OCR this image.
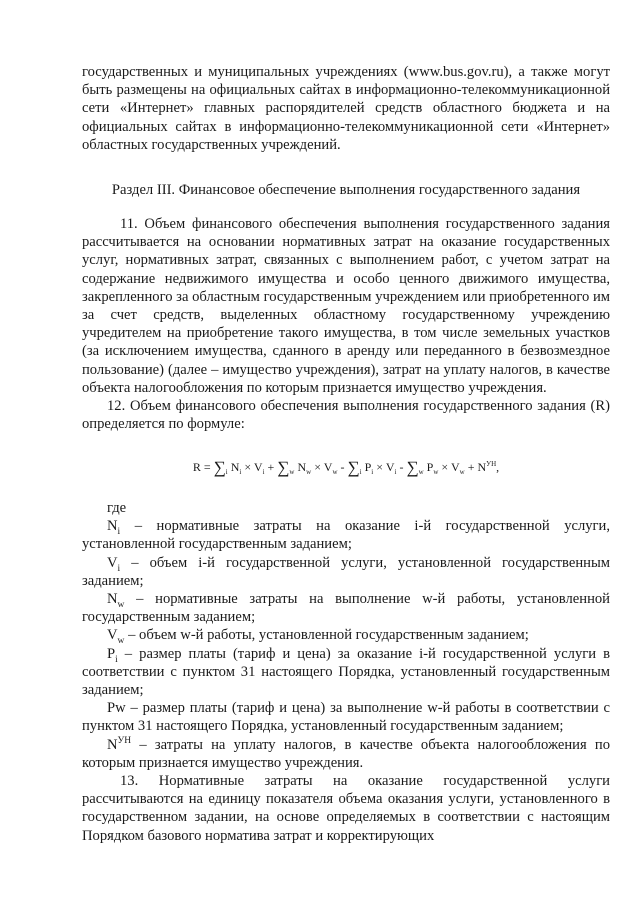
государственных и муниципальных учреждениях (www.bus.gov.ru), а также могут быть размещены на официальных сайтах в информационно-телекоммуникационной сети «Интернет» главных распорядителей средств областного бюджета и на официальных сайтах в информационно-телекоммуникационной сети «Интернет» областных государственных учреждений.

Раздел III. Финансовое обеспечение выполнения государственного задания

11. Объем финансового обеспечения выполнения государственного задания рассчитывается на основании нормативных затрат на оказание государственных услуг, нормативных затрат, связанных с выполнением работ, с учетом затрат на содержание недвижимого имущества и особо ценного движимого имущества, закрепленного за областным государственным учреждением или приобретенного им за счет средств, выделенных областному государственному учреждению учредителем на приобретение такого имущества, в том числе земельных участков (за исключением имущества, сданного в аренду или переданного в безвозмездное пользование) (далее – имущество учреждения), затрат на уплату налогов, в качестве объекта налогообложения по которым признается имущество учреждения.

12. Объем финансового обеспечения выполнения государственного задания (R) определяется по формуле:

$R = \sum_i$ $N_i \times V_i + \sum_w$ $N_w \times V_w - \sum_i$ $P_i \times V_i - \sum_w$ $P_w \times V_w + N^{УН}$,

где

$N_i$ – нормативные затраты на оказание i-й государственной услуги, установленной государственным заданием;

$V_i$ – объем i-й государственной услуги, установленной государственным заданием;

$N_w$ – нормативные затраты на выполнение w-й работы, установленной государственным заданием;

$V_w$ – объем w-й работы, установленной государственным заданием;

$P_i$ – размер платы (тариф и цена) за оказание i-й государственной услуги в соответствии с пунктом 31 настоящего Порядка, установленный государственным заданием;

Pw – размер платы (тариф и цена) за выполнение w-й работы в соответствии с пунктом 31 настоящего Порядка, установленный государственным заданием;

$N^{УН}$ – затраты на уплату налогов, в качестве объекта налогообложения по которым признается имущество учреждения.

13. Нормативные затраты на оказание государственной услуги рассчитываются на единицу показателя объема оказания услуги, установленного в государственном задании, на основе определяемых в соответствии с настоящим Порядком базового норматива затрат и корректирующих
